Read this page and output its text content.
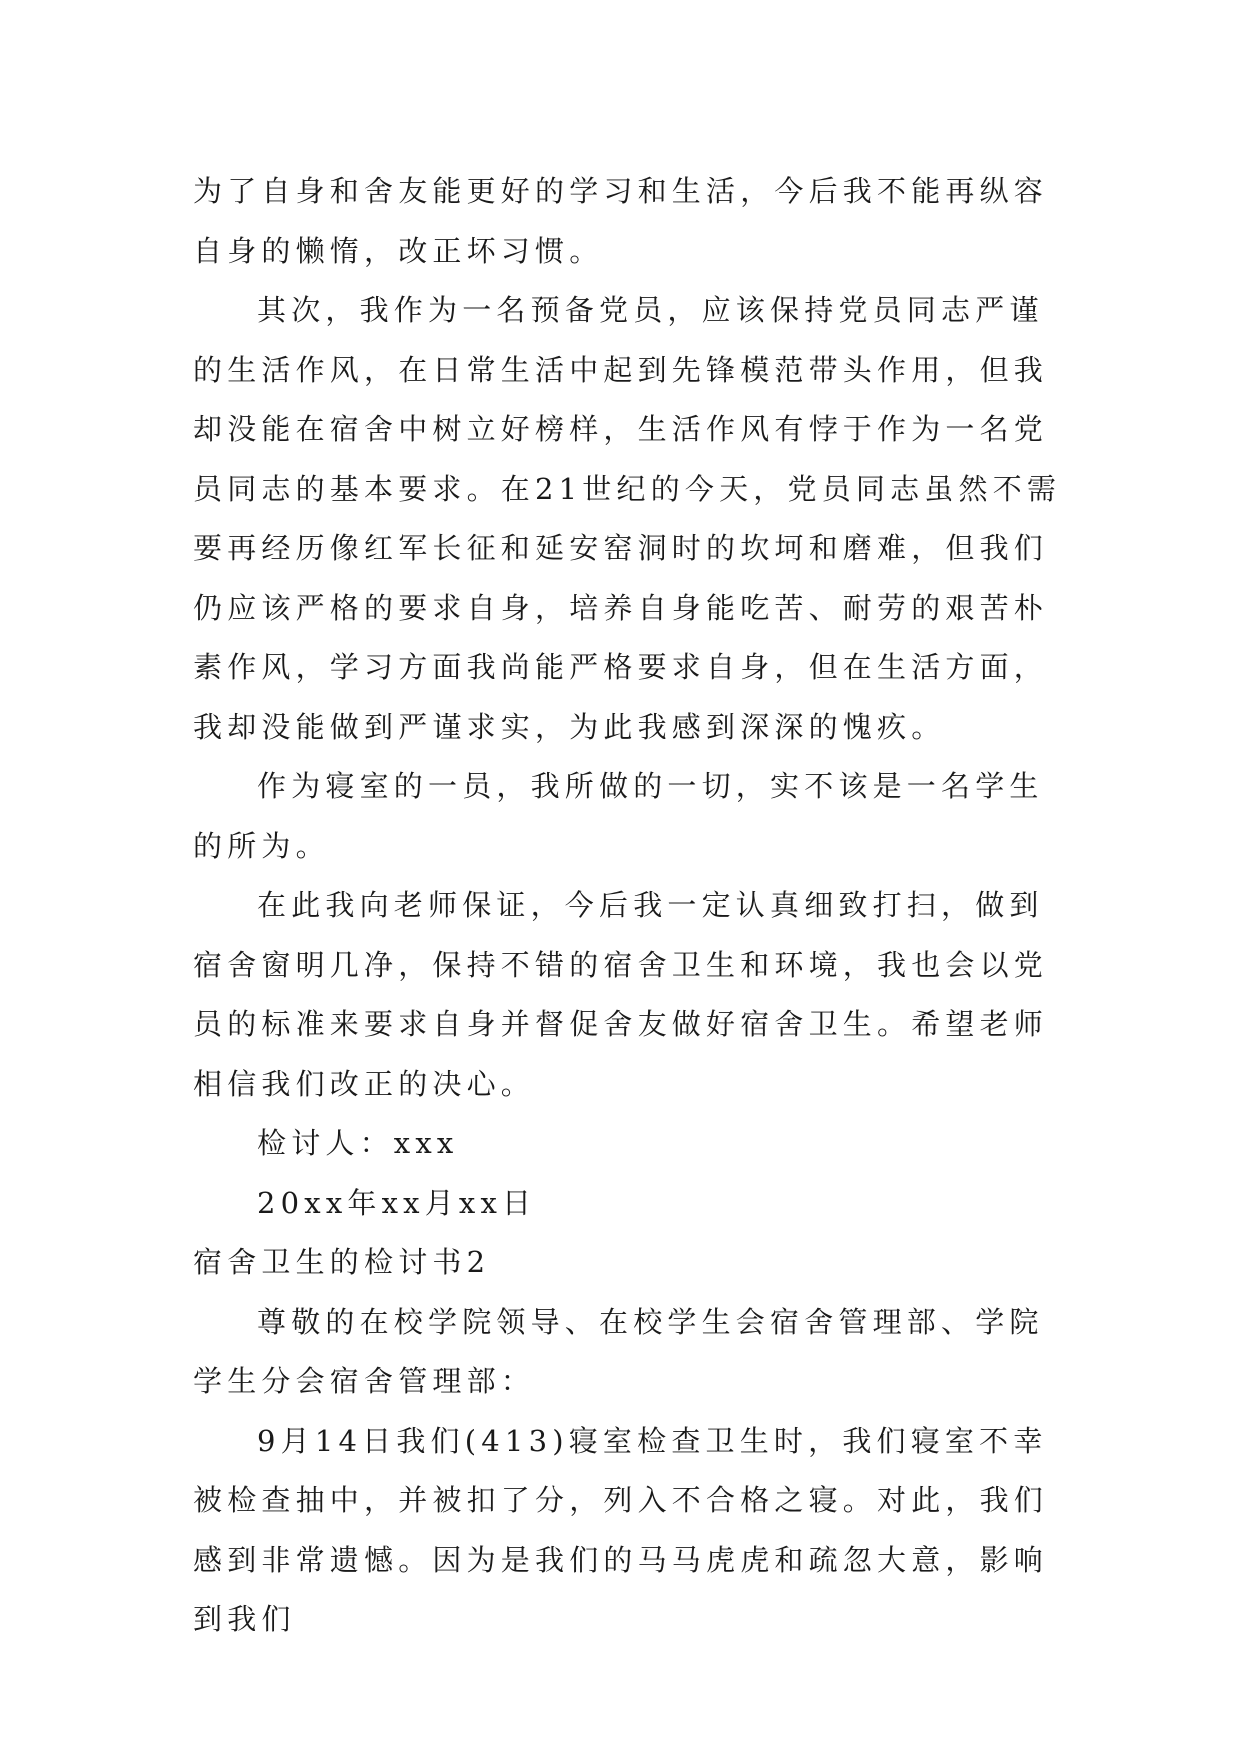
为了自身和舍友能更好的学习和生活，今后我不能再纵容自身的懒惰，改正坏习惯。

其次，我作为一名预备党员，应该保持党员同志严谨的生活作风，在日常生活中起到先锋模范带头作用，但我却没能在宿舍中树立好榜样，生活作风有悖于作为一名党员同志的基本要求。在21世纪的今天，党员同志虽然不需要再经历像红军长征和延安窑洞时的坎坷和磨难，但我们仍应该严格的要求自身，培养自身能吃苦、耐劳的艰苦朴素作风，学习方面我尚能严格要求自身，但在生活方面，我却没能做到严谨求实，为此我感到深深的愧疚。

作为寝室的一员，我所做的一切，实不该是一名学生的所为。

在此我向老师保证，今后我一定认真细致打扫，做到宿舍窗明几净，保持不错的宿舍卫生和环境，我也会以党员的标准来要求自身并督促舍友做好宿舍卫生。希望老师相信我们改正的决心。

检讨人：xxx

20xx年xx月xx日

宿舍卫生的检讨书2

尊敬的在校学院领导、在校学生会宿舍管理部、学院学生分会宿舍管理部：

9月14日我们(413)寝室检查卫生时，我们寝室不幸被检查抽中，并被扣了分，列入不合格之寝。对此，我们感到非常遗憾。因为是我们的马马虎虎和疏忽大意，影响到我们
